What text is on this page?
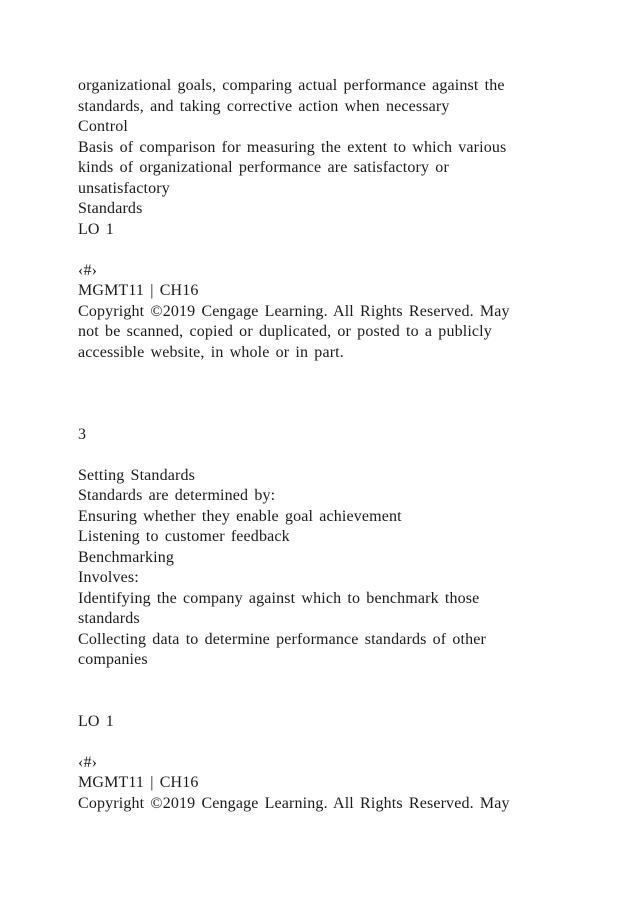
organizational goals, comparing actual performance against the
standards, and taking corrective action when necessary
Control
Basis of comparison for measuring the extent to which various
kinds of organizational performance are satisfactory or
unsatisfactory
Standards
LO 1
‹#›
MGMT11 | CH16
Copyright ©2019 Cengage Learning. All Rights Reserved. May
not be scanned, copied or duplicated, or posted to a publicly
accessible website, in whole or in part.
3
Setting Standards
Standards are determined by:
Ensuring whether they enable goal achievement
Listening to customer feedback
Benchmarking
Involves:
Identifying the company against which to benchmark those
standards
Collecting data to determine performance standards of other
companies
LO 1
‹#›
MGMT11 | CH16
Copyright ©2019 Cengage Learning. All Rights Reserved. May
